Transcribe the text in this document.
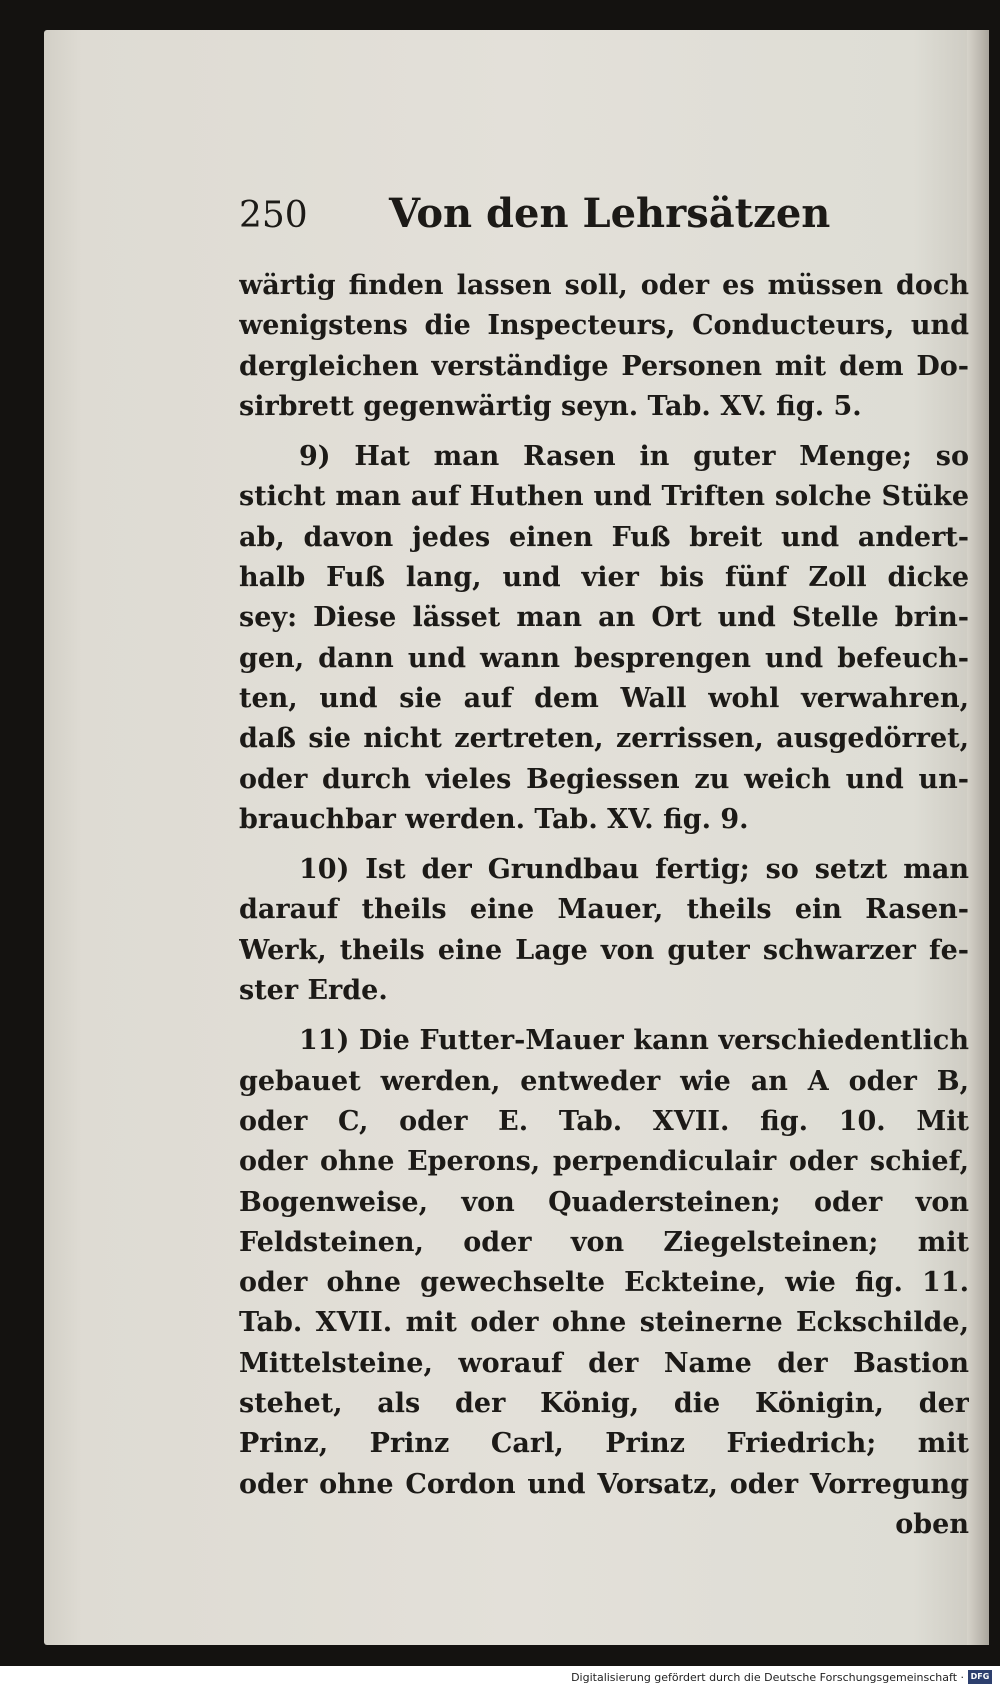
250	Von den Lehrsätzen
wärtig finden lassen soll, oder es müssen doch
wenigstens die Inspecteurs, Conducteurs, und
dergleichen verständige Personen mit dem Do-
sirbrett gegenwärtig seyn. Tab. XV. fig. 5.
9) Hat man Rasen in guter Menge; so
sticht man auf Huthen und Triften solche Stüke
ab, davon jedes einen Fuß breit und andert-
halb Fuß lang, und vier bis fünf Zoll dicke
sey: Diese lässet man an Ort und Stelle brin-
gen, dann und wann besprengen und befeuch-
ten, und sie auf dem Wall wohl verwahren,
daß sie nicht zertreten, zerrissen, ausgedörret,
oder durch vieles Begiessen zu weich und un-
brauchbar werden. Tab. XV. fig. 9.
10) Ist der Grundbau fertig; so setzt man
darauf theils eine Mauer, theils ein Rasen-
Werk, theils eine Lage von guter schwarzer fe-
ster Erde.
11) Die Futter-Mauer kann verschiedentlich
gebauet werden, entweder wie an A oder B,
oder C, oder E. Tab. XVII. fig. 10. Mit
oder ohne Eperons, perpendiculair oder schief,
Bogenweise, von Quadersteinen; oder von
Feldsteinen, oder von Ziegelsteinen; mit
oder ohne gewechselte Eckteine, wie fig. 11.
Tab. XVII. mit oder ohne steinerne Eckschilde,
Mittelsteine, worauf der Name der Bastion
stehet, als der König, die Königin, der
Prinz, Prinz Carl, Prinz Friedrich; mit
oder ohne Cordon und Vorsatz, oder Vorregung
oben
Digitalisierung gefördert durch die Deutsche Forschungsgemeinschaft · DFG
